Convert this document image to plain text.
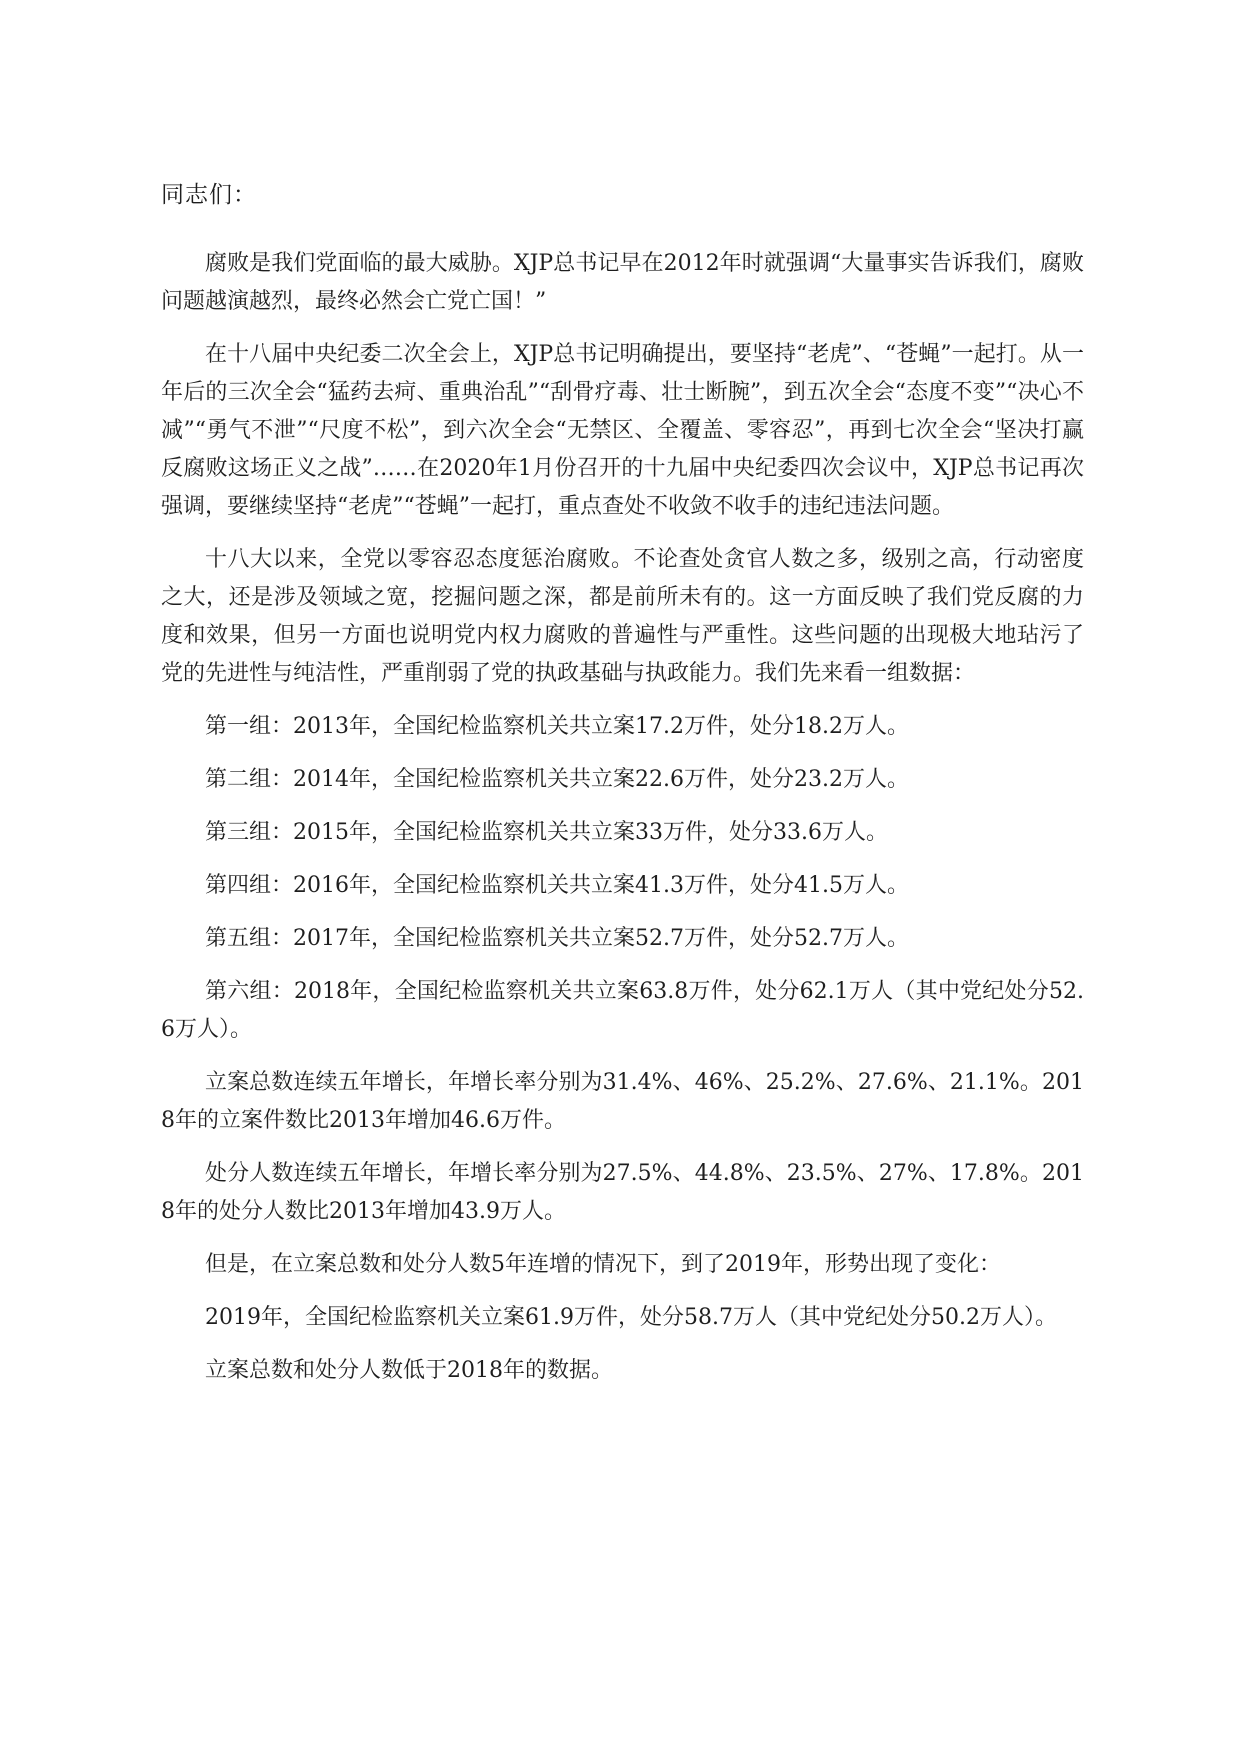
同志们：

腐败是我们党面临的最大威胁。XJP总书记早在2012年时就强调“大量事实告诉我们，腐败问题越演越烈，最终必然会亡党亡国！”

在十八届中央纪委二次全会上，XJP总书记明确提出，要坚持“老虎”、“苍蝇”一起打。从一年后的三次全会“猛药去疴、重典治乱”“刮骨疗毒、壮士断腕”，到五次全会“态度不变”“决心不减”“勇气不泄”“尺度不松”，到六次全会“无禁区、全覆盖、零容忍”，再到七次全会“坚决打赢反腐败这场正义之战”……在2020年1月份召开的十九届中央纪委四次会议中，XJP总书记再次强调，要继续坚持“老虎”“苍蝇”一起打，重点查处不收敛不收手的违纪违法问题。

十八大以来，全党以零容忍态度惩治腐败。不论查处贪官人数之多，级别之高，行动密度之大，还是涉及领域之宽，挖掘问题之深，都是前所未有的。这一方面反映了我们党反腐的力度和效果，但另一方面也说明党内权力腐败的普遍性与严重性。这些问题的出现极大地玷污了党的先进性与纯洁性，严重削弱了党的执政基础与执政能力。我们先来看一组数据：

第一组：2013年，全国纪检监察机关共立案17.2万件，处分18.2万人。

第二组：2014年，全国纪检监察机关共立案22.6万件，处分23.2万人。

第三组：2015年，全国纪检监察机关共立案33万件，处分33.6万人。

第四组：2016年，全国纪检监察机关共立案41.3万件，处分41.5万人。

第五组：2017年，全国纪检监察机关共立案52.7万件，处分52.7万人。

第六组：2018年，全国纪检监察机关共立案63.8万件，处分62.1万人（其中党纪处分52.6万人）。

立案总数连续五年增长，年增长率分别为31.4%、46%、25.2%、27.6%、21.1%。2018年的立案件数比2013年增加46.6万件。

处分人数连续五年增长，年增长率分别为27.5%、44.8%、23.5%、27%、17.8%。2018年的处分人数比2013年增加43.9万人。

但是，在立案总数和处分人数5年连增的情况下，到了2019年，形势出现了变化：

2019年，全国纪检监察机关立案61.9万件，处分58.7万人（其中党纪处分50.2万人）。

立案总数和处分人数低于2018年的数据。
